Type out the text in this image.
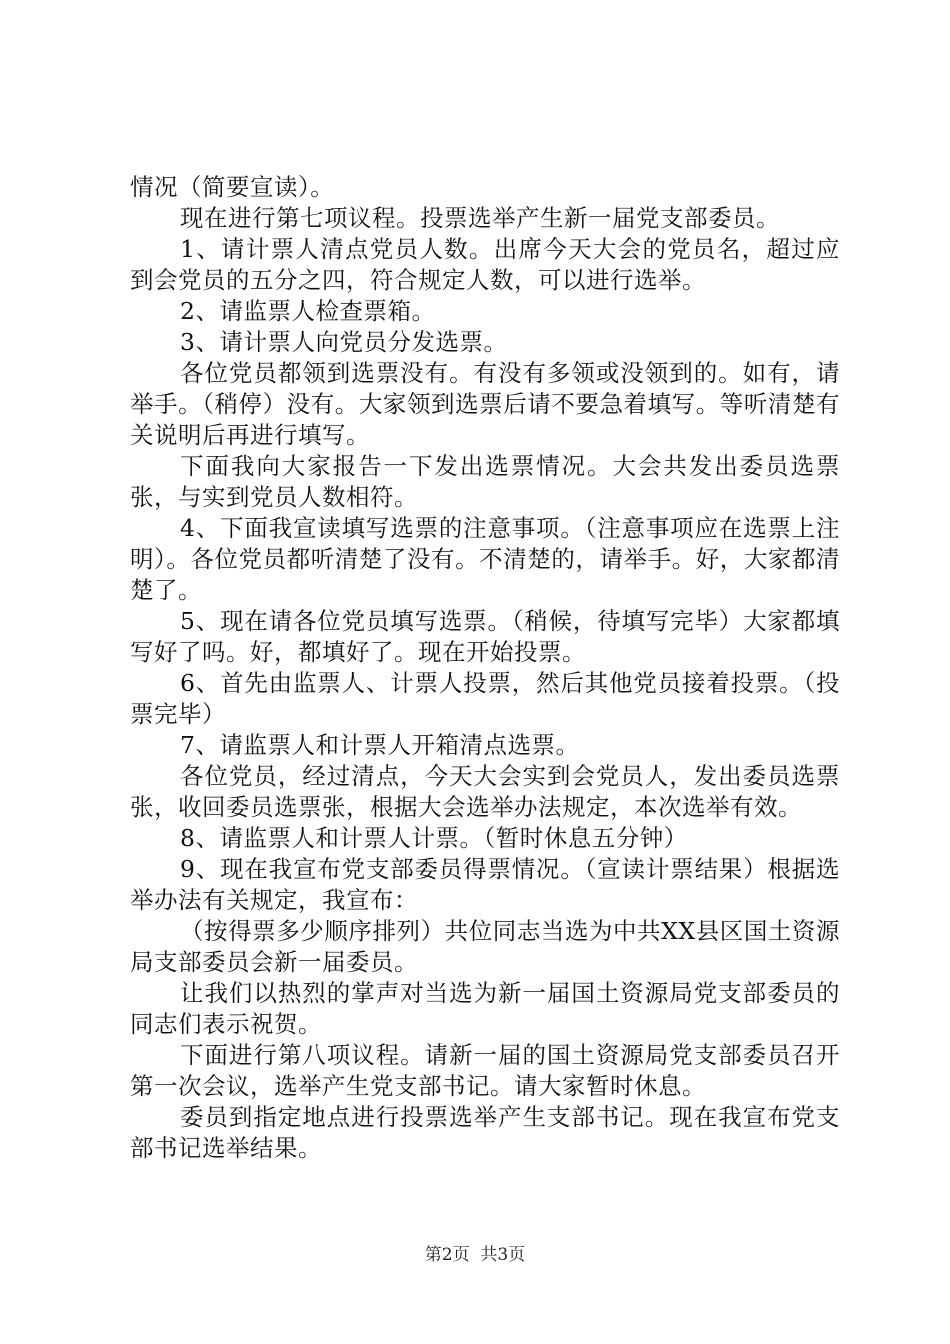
情况（简要宣读）。

现在进行第七项议程。投票选举产生新一届党支部委员。

1、请计票人清点党员人数。出席今天大会的党员名，超过应到会党员的五分之四，符合规定人数，可以进行选举。

2、请监票人检查票箱。

3、请计票人向党员分发选票。

各位党员都领到选票没有。有没有多领或没领到的。如有，请举手。（稍停）没有。大家领到选票后请不要急着填写。等听清楚有关说明后再进行填写。

下面我向大家报告一下发出选票情况。大会共发出委员选票张，与实到党员人数相符。

4、下面我宣读填写选票的注意事项。（注意事项应在选票上注明）。各位党员都听清楚了没有。不清楚的，请举手。好，大家都清楚了。

5、现在请各位党员填写选票。（稍候，待填写完毕）大家都填写好了吗。好，都填好了。现在开始投票。

6、首先由监票人、计票人投票，然后其他党员接着投票。（投票完毕）

7、请监票人和计票人开箱清点选票。

各位党员，经过清点，今天大会实到会党员人，发出委员选票张，收回委员选票张，根据大会选举办法规定，本次选举有效。

8、请监票人和计票人计票。（暂时休息五分钟）

9、现在我宣布党支部委员得票情况。（宣读计票结果）根据选举办法有关规定，我宣布：

（按得票多少顺序排列）共位同志当选为中共XX县区国土资源局支部委员会新一届委员。

让我们以热烈的掌声对当选为新一届国土资源局党支部委员的同志们表示祝贺。

下面进行第八项议程。请新一届的国土资源局党支部委员召开第一次会议，选举产生党支部书记。请大家暂时休息。

委员到指定地点进行投票选举产生支部书记。现在我宣布党支部书记选举结果。

第2页  共3页
